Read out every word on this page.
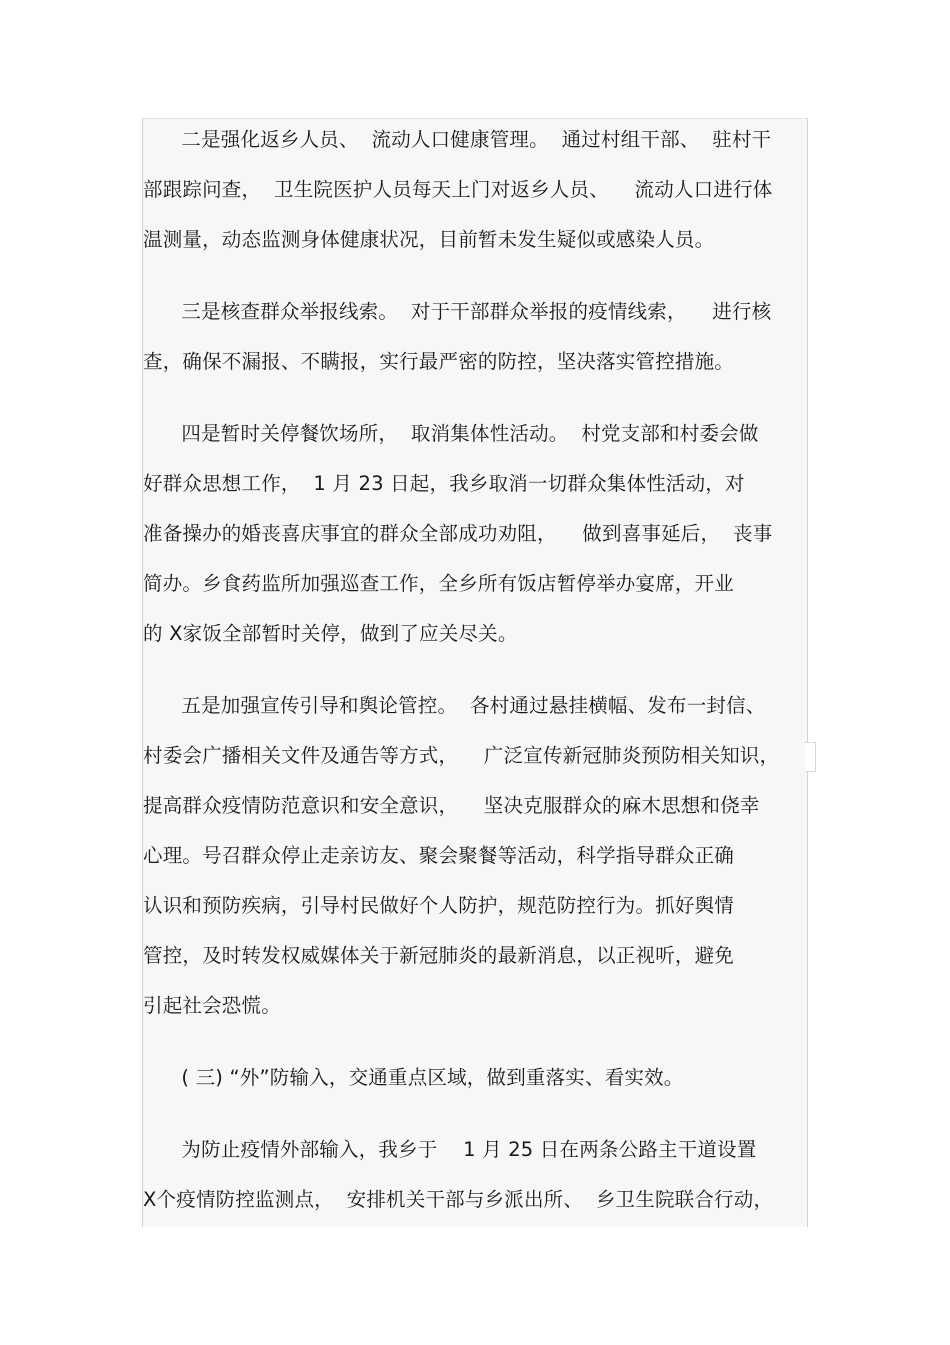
二是强化返乡人员、  流动人口健康管理。  通过村组干部、  驻村干

部跟踪问查，  卫生院医护人员每天上门对返乡人员、    流动人口进行体

温测量，动态监测身体健康状况，目前暂未发生疑似或感染人员。

三是核查群众举报线索。  对于干部群众举报的疫情线索，    进行核

查，确保不漏报、不瞒报，实行最严密的防控，坚决落实管控措施。

四是暂时关停餐饮场所，  取消集体性活动。  村党支部和村委会做

好群众思想工作，  1 月 23 日起，我乡取消一切群众集体性活动，对

准备操办的婚丧喜庆事宜的群众全部成功劝阻，    做到喜事延后，  丧事

简办。乡食药监所加强巡查工作，全乡所有饭店暂停举办宴席，开业

的 X家饭全部暂时关停，做到了应关尽关。

五是加强宣传引导和舆论管控。  各村通过悬挂横幅、发布一封信、

村委会广播相关文件及通告等方式，    广泛宣传新冠肺炎预防相关知识，

提高群众疫情防范意识和安全意识，    坚决克服群众的麻木思想和侥幸

心理。号召群众停止走亲访友、聚会聚餐等活动，科学指导群众正确

认识和预防疾病，引导村民做好个人防护，规范防控行为。抓好舆情

管控，及时转发权威媒体关于新冠肺炎的最新消息，以正视听，避免

引起社会恐慌。

( 三) “外”防输入，交通重点区域，做到重落实、看实效。

为防止疫情外部输入，我乡于    1 月 25 日在两条公路主干道设置

X个疫情防控监测点，  安排机关干部与乡派出所、  乡卫生院联合行动，
